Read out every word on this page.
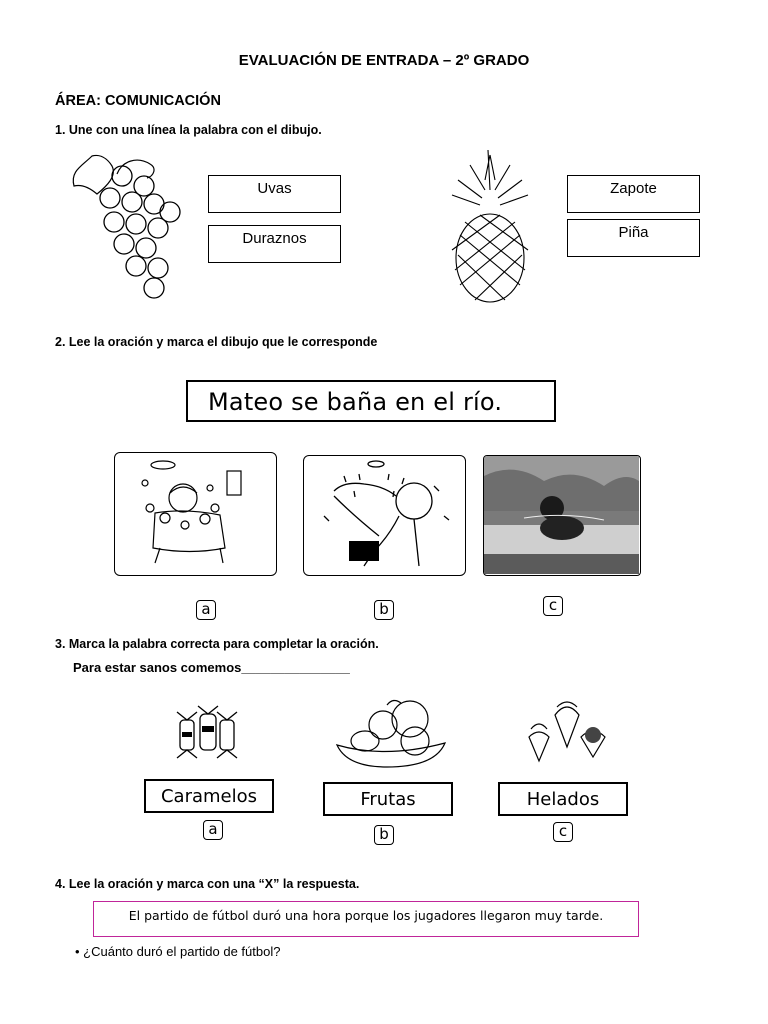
EVALUACIÓN DE ENTRADA – 2º GRADO
ÁREA: COMUNICACIÓN
1. Une con una línea la palabra con el dibujo.
Uvas
Duraznos
Zapote
Piña
2. Lee la oración y marca el dibujo que le corresponde
Mateo se baña en el río.
a	b	c
3. Marca la palabra correcta para completar la oración.
Para estar sanos comemos_______________
Caramelos	Frutas	Helados
a	b	c
4. Lee la oración y marca con una “X” la respuesta.
El partido de fútbol duró una hora porque los jugadores llegaron muy tarde.
• ¿Cuánto duró el partido de fútbol?
